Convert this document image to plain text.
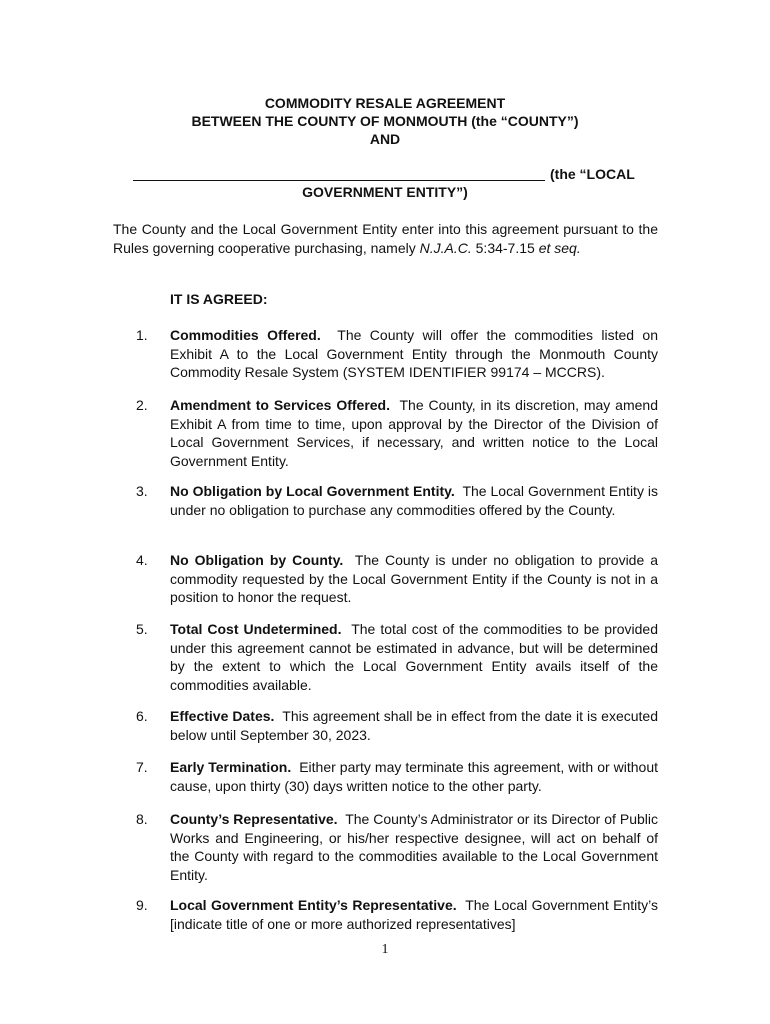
COMMODITY RESALE AGREEMENT
BETWEEN THE COUNTY OF MONMOUTH (the “COUNTY”)
AND
(the “LOCAL
GOVERNMENT ENTITY”)
The County and the Local Government Entity enter into this agreement pursuant to the Rules governing cooperative purchasing, namely N.J.A.C. 5:34-7.15 et seq.
IT IS AGREED:
1. Commodities Offered. The County will offer the commodities listed on Exhibit A to the Local Government Entity through the Monmouth County Commodity Resale System (SYSTEM IDENTIFIER 99174 – MCCRS).
2. Amendment to Services Offered. The County, in its discretion, may amend Exhibit A from time to time, upon approval by the Director of the Division of Local Government Services, if necessary, and written notice to the Local Government Entity.
3. No Obligation by Local Government Entity. The Local Government Entity is under no obligation to purchase any commodities offered by the County.
4. No Obligation by County. The County is under no obligation to provide a commodity requested by the Local Government Entity if the County is not in a position to honor the request.
5. Total Cost Undetermined. The total cost of the commodities to be provided under this agreement cannot be estimated in advance, but will be determined by the extent to which the Local Government Entity avails itself of the commodities available.
6. Effective Dates. This agreement shall be in effect from the date it is executed below until September 30, 2023.
7. Early Termination. Either party may terminate this agreement, with or without cause, upon thirty (30) days written notice to the other party.
8. County’s Representative. The County’s Administrator or its Director of Public Works and Engineering, or his/her respective designee, will act on behalf of the County with regard to the commodities available to the Local Government Entity.
9. Local Government Entity’s Representative. The Local Government Entity’s [indicate title of one or more authorized representatives]
1
